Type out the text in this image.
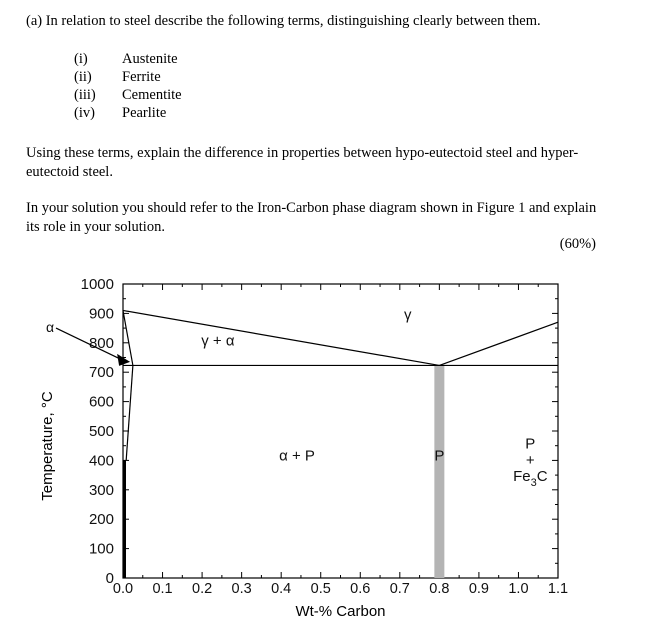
(a) In relation to steel describe the following terms, distinguishing clearly between them.
(i) Austenite
(ii) Ferrite
(iii) Cementite
(iv) Pearlite
Using these terms, explain the difference in properties between hypo-eutectoid steel and hyper-eutectoid steel.
In your solution you should refer to the Iron-Carbon phase diagram shown in Figure 1 and explain its role in your solution.
(60%)
0.0 0.1 0.2 0.3 0.4 0.5 0.6 0.7 0.8 0.9 1.0 1.1
0
100
200
300
400
500
600
700
800
900
1000
γ
γ + α
α + P	P
P
+
$Fe_3C$
α
Wt-% Carbon
Temperature, °C
